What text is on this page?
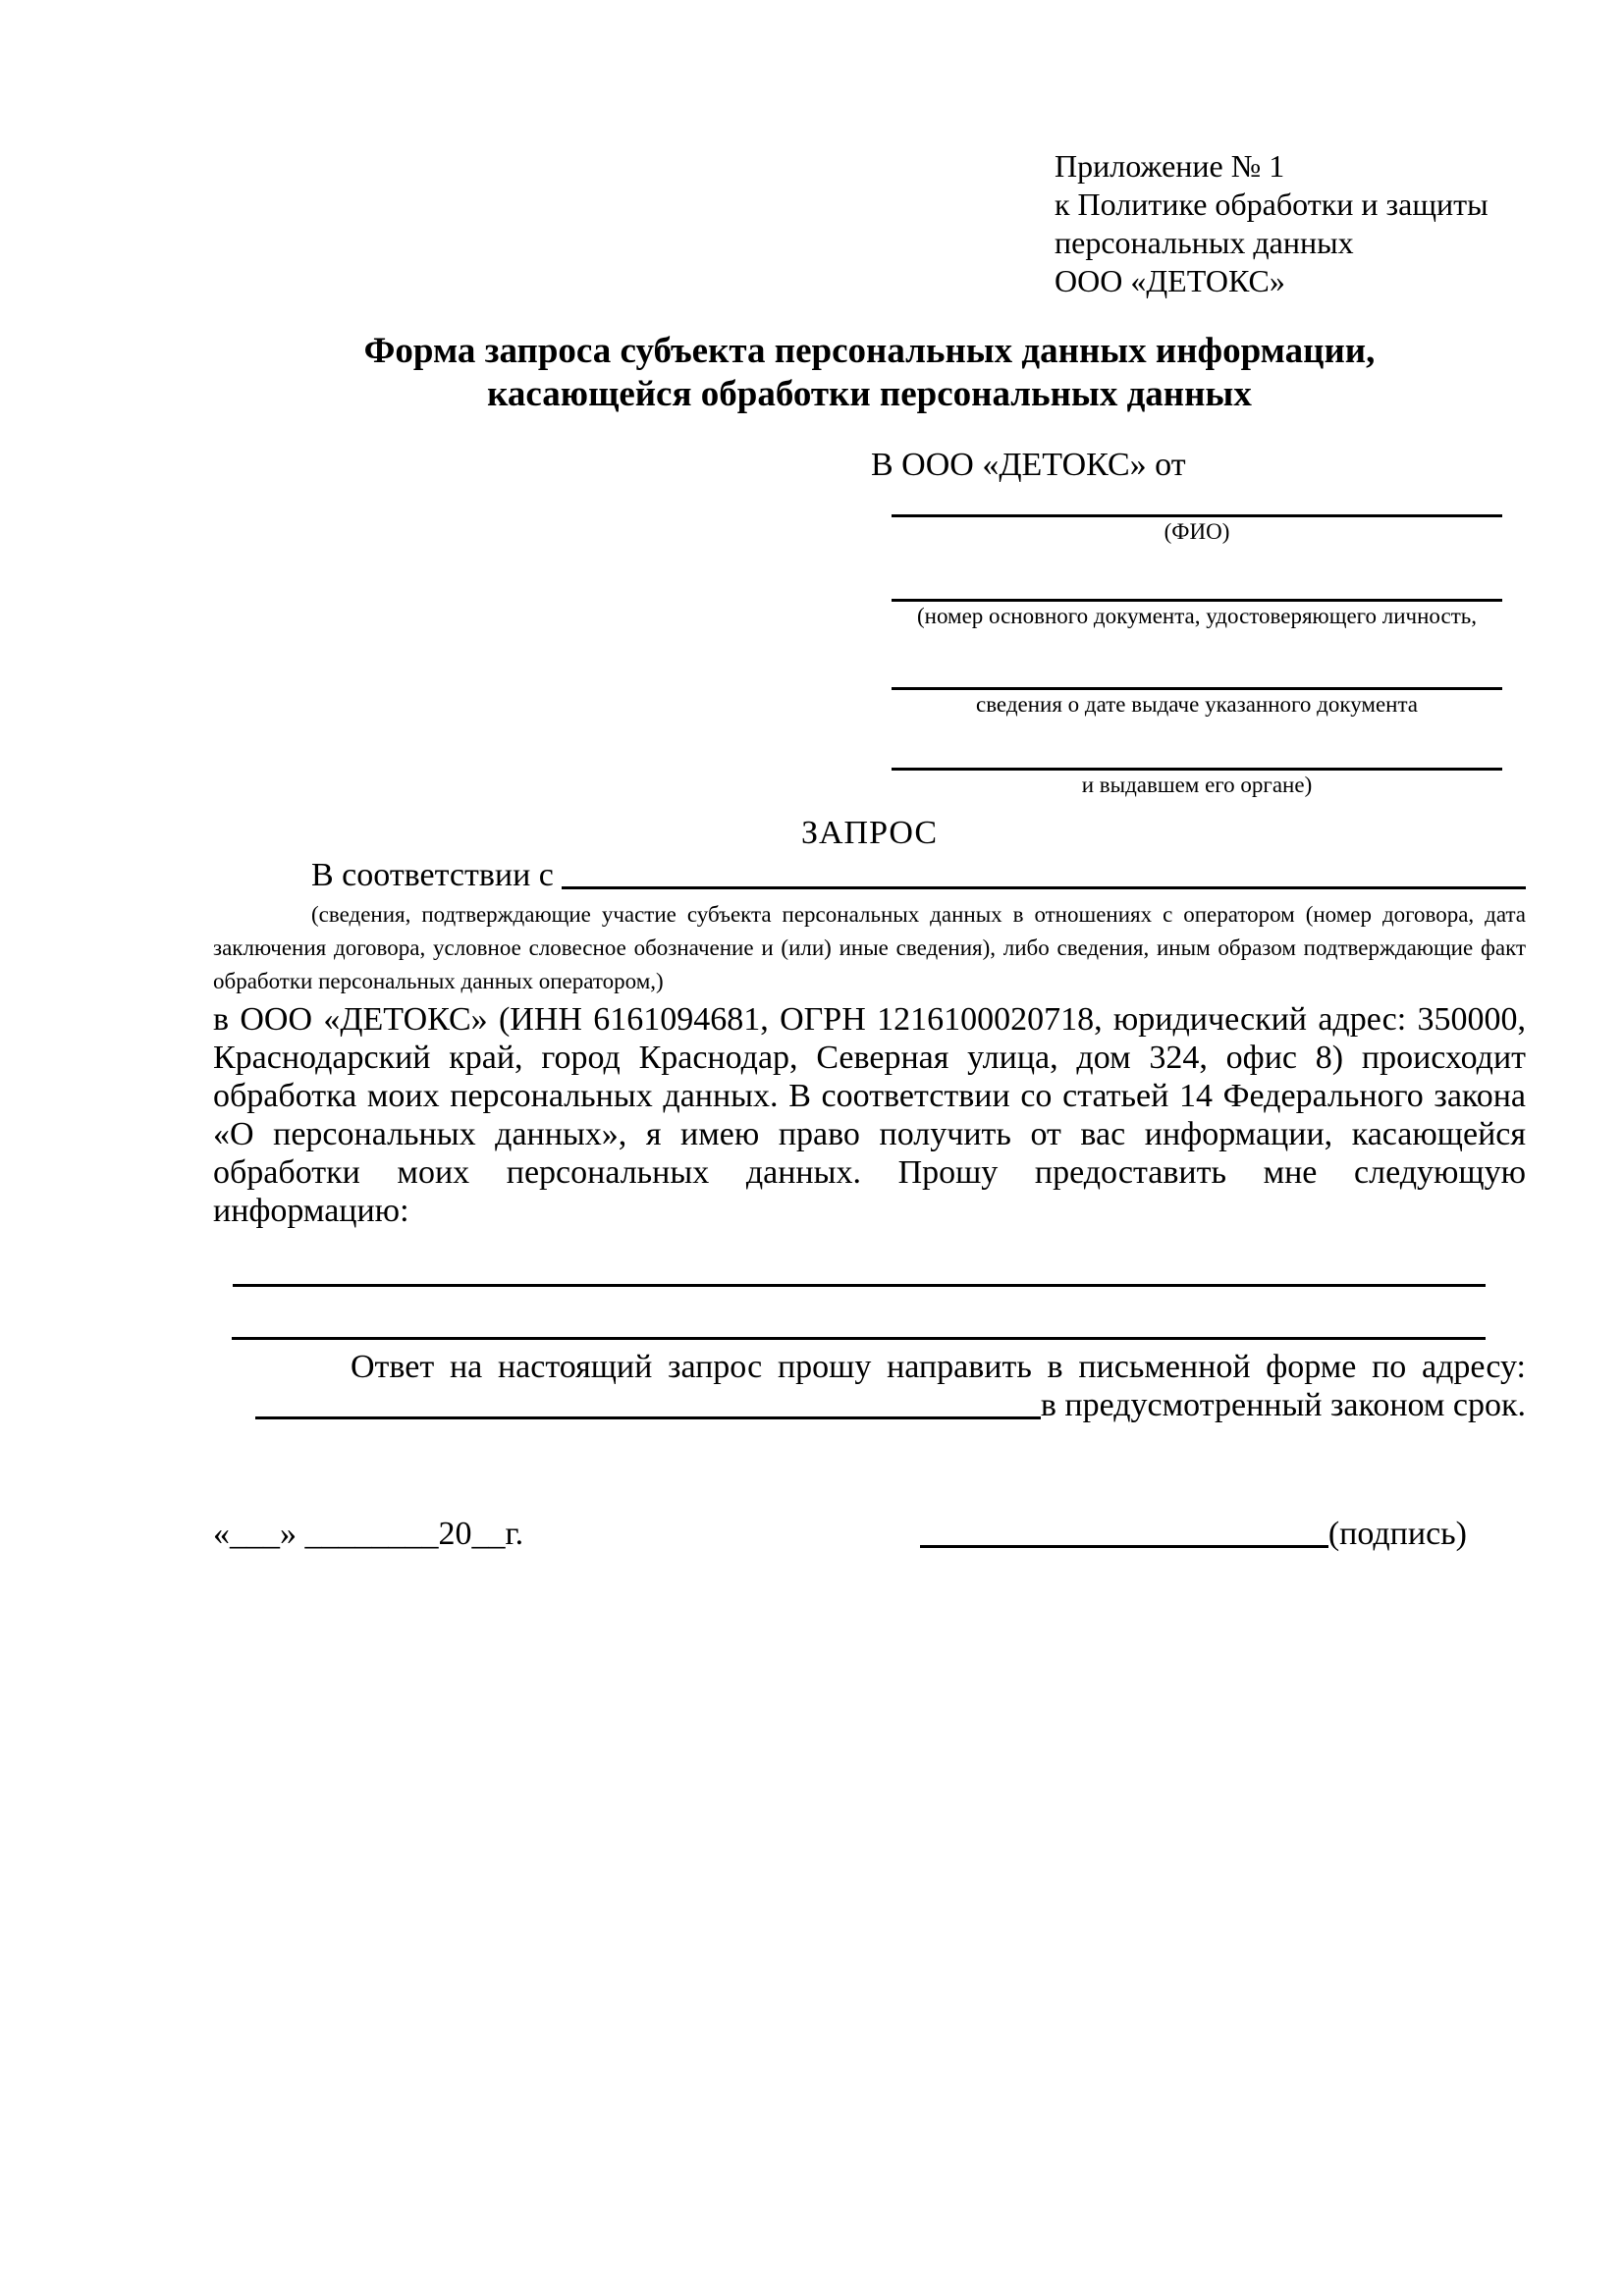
Приложение № 1
к Политике обработки и защиты
персональных данных
ООО «ДЕТОКС»
Форма запроса субъекта персональных данных информации,
касающейся обработки персональных данных
В ООО «ДЕТОКС» от
(ФИО)
(номер основного документа, удостоверяющего личность,
сведения о дате выдаче указанного документа
и выдавшем его органе)
ЗАПРОС
В соответствии с
(сведения, подтверждающие участие субъекта персональных данных в отношениях с оператором (номер договора, дата заключения договора, условное словесное обозначение и (или) иные сведения), либо сведения, иным образом подтверждающие факт обработки персональных данных оператором,)
в ООО «ДЕТОКС» (ИНН 6161094681, ОГРН 1216100020718, юридический адрес: 350000, Краснодарский край, город Краснодар, Северная улица, дом 324, офис 8) происходит обработка моих персональных данных. В соответствии со статьей 14 Федерального закона «О персональных данных», я имею право получить от вас информации, касающейся обработки моих персональных данных. Прошу предоставить мне следующую информацию:
Ответ на настоящий запрос прошу направить в письменной форме по адресу:
в предусмотренный законом срок.
«___» ________20__г.	(подпись)
